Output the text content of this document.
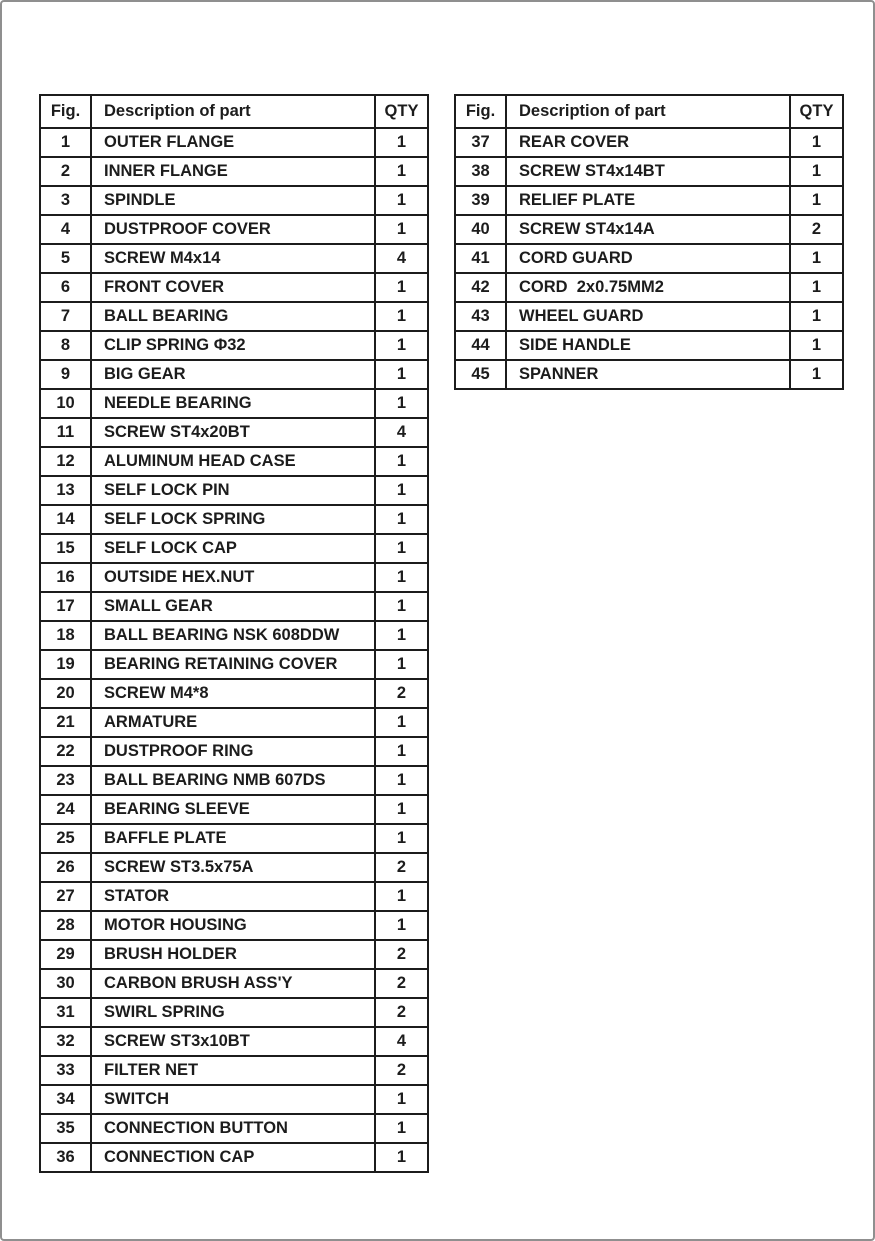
Fig.	Description of part	QTY
1	OUTER FLANGE	1
2	INNER FLANGE	1
3	SPINDLE	1
4	DUSTPROOF COVER	1
5	SCREW M4x14	4
6	FRONT COVER	1
7	BALL BEARING	1
8	CLIP SPRING Φ32	1
9	BIG GEAR	1
10	NEEDLE BEARING	1
11	SCREW ST4x20BT	4
12	ALUMINUM HEAD CASE	1
13	SELF LOCK PIN	1
14	SELF LOCK SPRING	1
15	SELF LOCK CAP	1
16	OUTSIDE HEX.NUT	1
17	SMALL GEAR	1
18	BALL BEARING NSK 608DDW	1
19	BEARING RETAINING COVER	1
20	SCREW M4*8	2
21	ARMATURE	1
22	DUSTPROOF RING	1
23	BALL BEARING NMB 607DS	1
24	BEARING SLEEVE	1
25	BAFFLE PLATE	1
26	SCREW ST3.5x75A	2
27	STATOR	1
28	MOTOR HOUSING	1
29	BRUSH HOLDER	2
30	CARBON BRUSH ASS'Y	2
31	SWIRL SPRING	2
32	SCREW ST3x10BT	4
33	FILTER NET	2
34	SWITCH	1
35	CONNECTION BUTTON	1
36	CONNECTION CAP	1
Fig.	Description of part	QTY
37	REAR COVER	1
38	SCREW ST4x14BT	1
39	RELIEF PLATE	1
40	SCREW ST4x14A	2
41	CORD GUARD	1
42	CORD  2x0.75MM2	1
43	WHEEL GUARD	1
44	SIDE HANDLE	1
45	SPANNER	1
